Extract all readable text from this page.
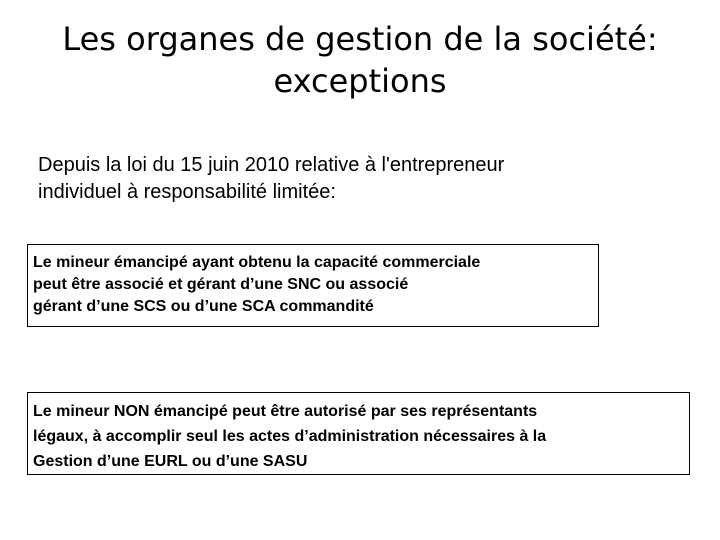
Les organes de gestion de la société:
exceptions
Depuis la loi du 15 juin 2010 relative à l'entrepreneur
individuel à responsabilité limitée:
Le mineur émancipé ayant obtenu la capacité commerciale
peut être associé et gérant d’une SNC ou associé
gérant d’une SCS ou d’une SCA commandité
Le mineur NON émancipé peut être autorisé par ses représentants
légaux, à accomplir seul les actes d’administration nécessaires à la
Gestion d’une EURL ou d’une SASU
